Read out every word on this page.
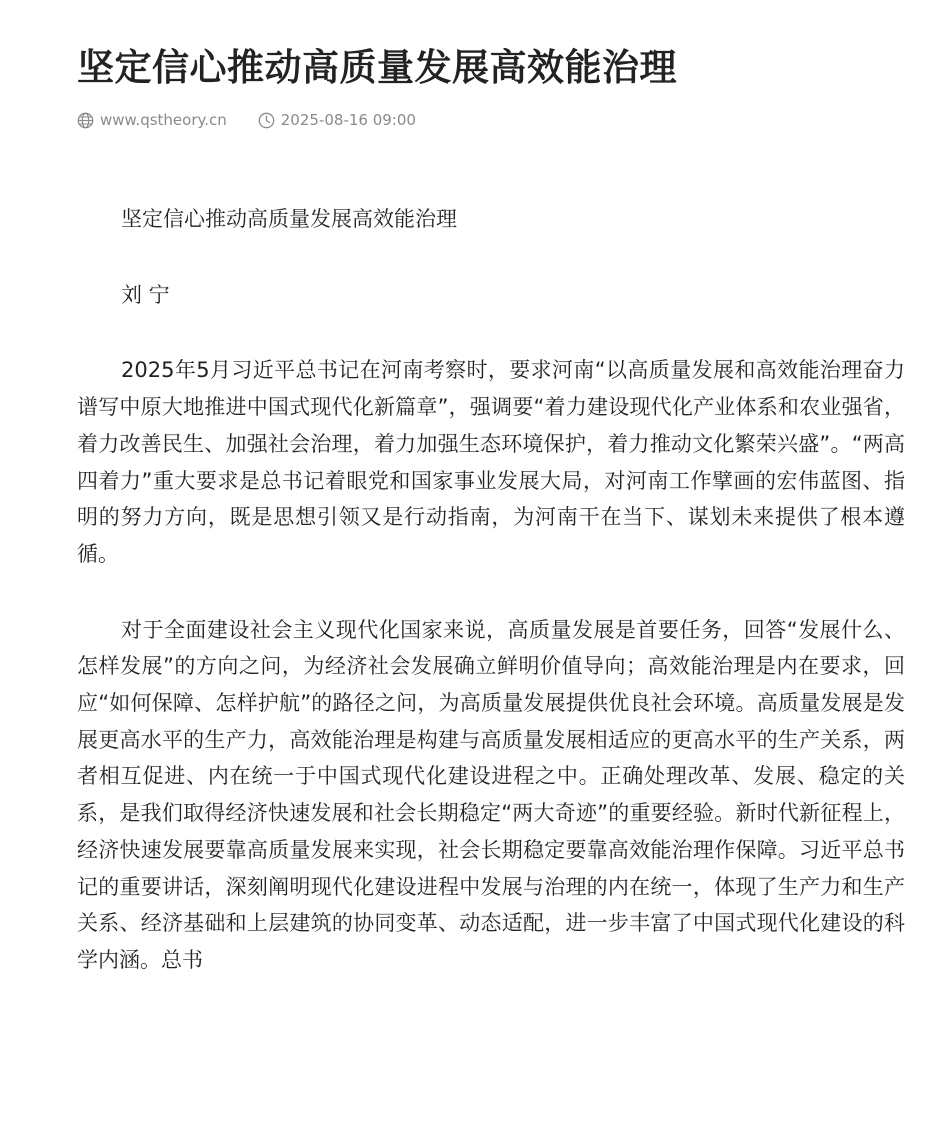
坚定信心推动高质量发展高效能治理
www.qstheory.cn	2025-08-16 09:00

坚定信心推动高质量发展高效能治理

刘 宁

2025年5月习近平总书记在河南考察时，要求河南“以高质量发展和高效能治理奋力谱写中原大地推进中国式现代化新篇章”，强调要“着力建设现代化产业体系和农业强省，着力改善民生、加强社会治理，着力加强生态环境保护，着力推动文化繁荣兴盛”。“两高四着力”重大要求是总书记着眼党和国家事业发展大局，对河南工作擘画的宏伟蓝图、指明的努力方向，既是思想引领又是行动指南，为河南干在当下、谋划未来提供了根本遵循。

对于全面建设社会主义现代化国家来说，高质量发展是首要任务，回答“发展什么、怎样发展”的方向之问，为经济社会发展确立鲜明价值导向；高效能治理是内在要求，回应“如何保障、怎样护航”的路径之问，为高质量发展提供优良社会环境。高质量发展是发展更高水平的生产力，高效能治理是构建与高质量发展相适应的更高水平的生产关系，两者相互促进、内在统一于中国式现代化建设进程之中。正确处理改革、发展、稳定的关系，是我们取得经济快速发展和社会长期稳定“两大奇迹”的重要经验。新时代新征程上，经济快速发展要靠高质量发展来实现，社会长期稳定要靠高效能治理作保障。习近平总书记的重要讲话，深刻阐明现代化建设进程中发展与治理的内在统一，体现了生产力和生产关系、经济基础和上层建筑的协同变革、动态适配，进一步丰富了中国式现代化建设的科学内涵。总书
